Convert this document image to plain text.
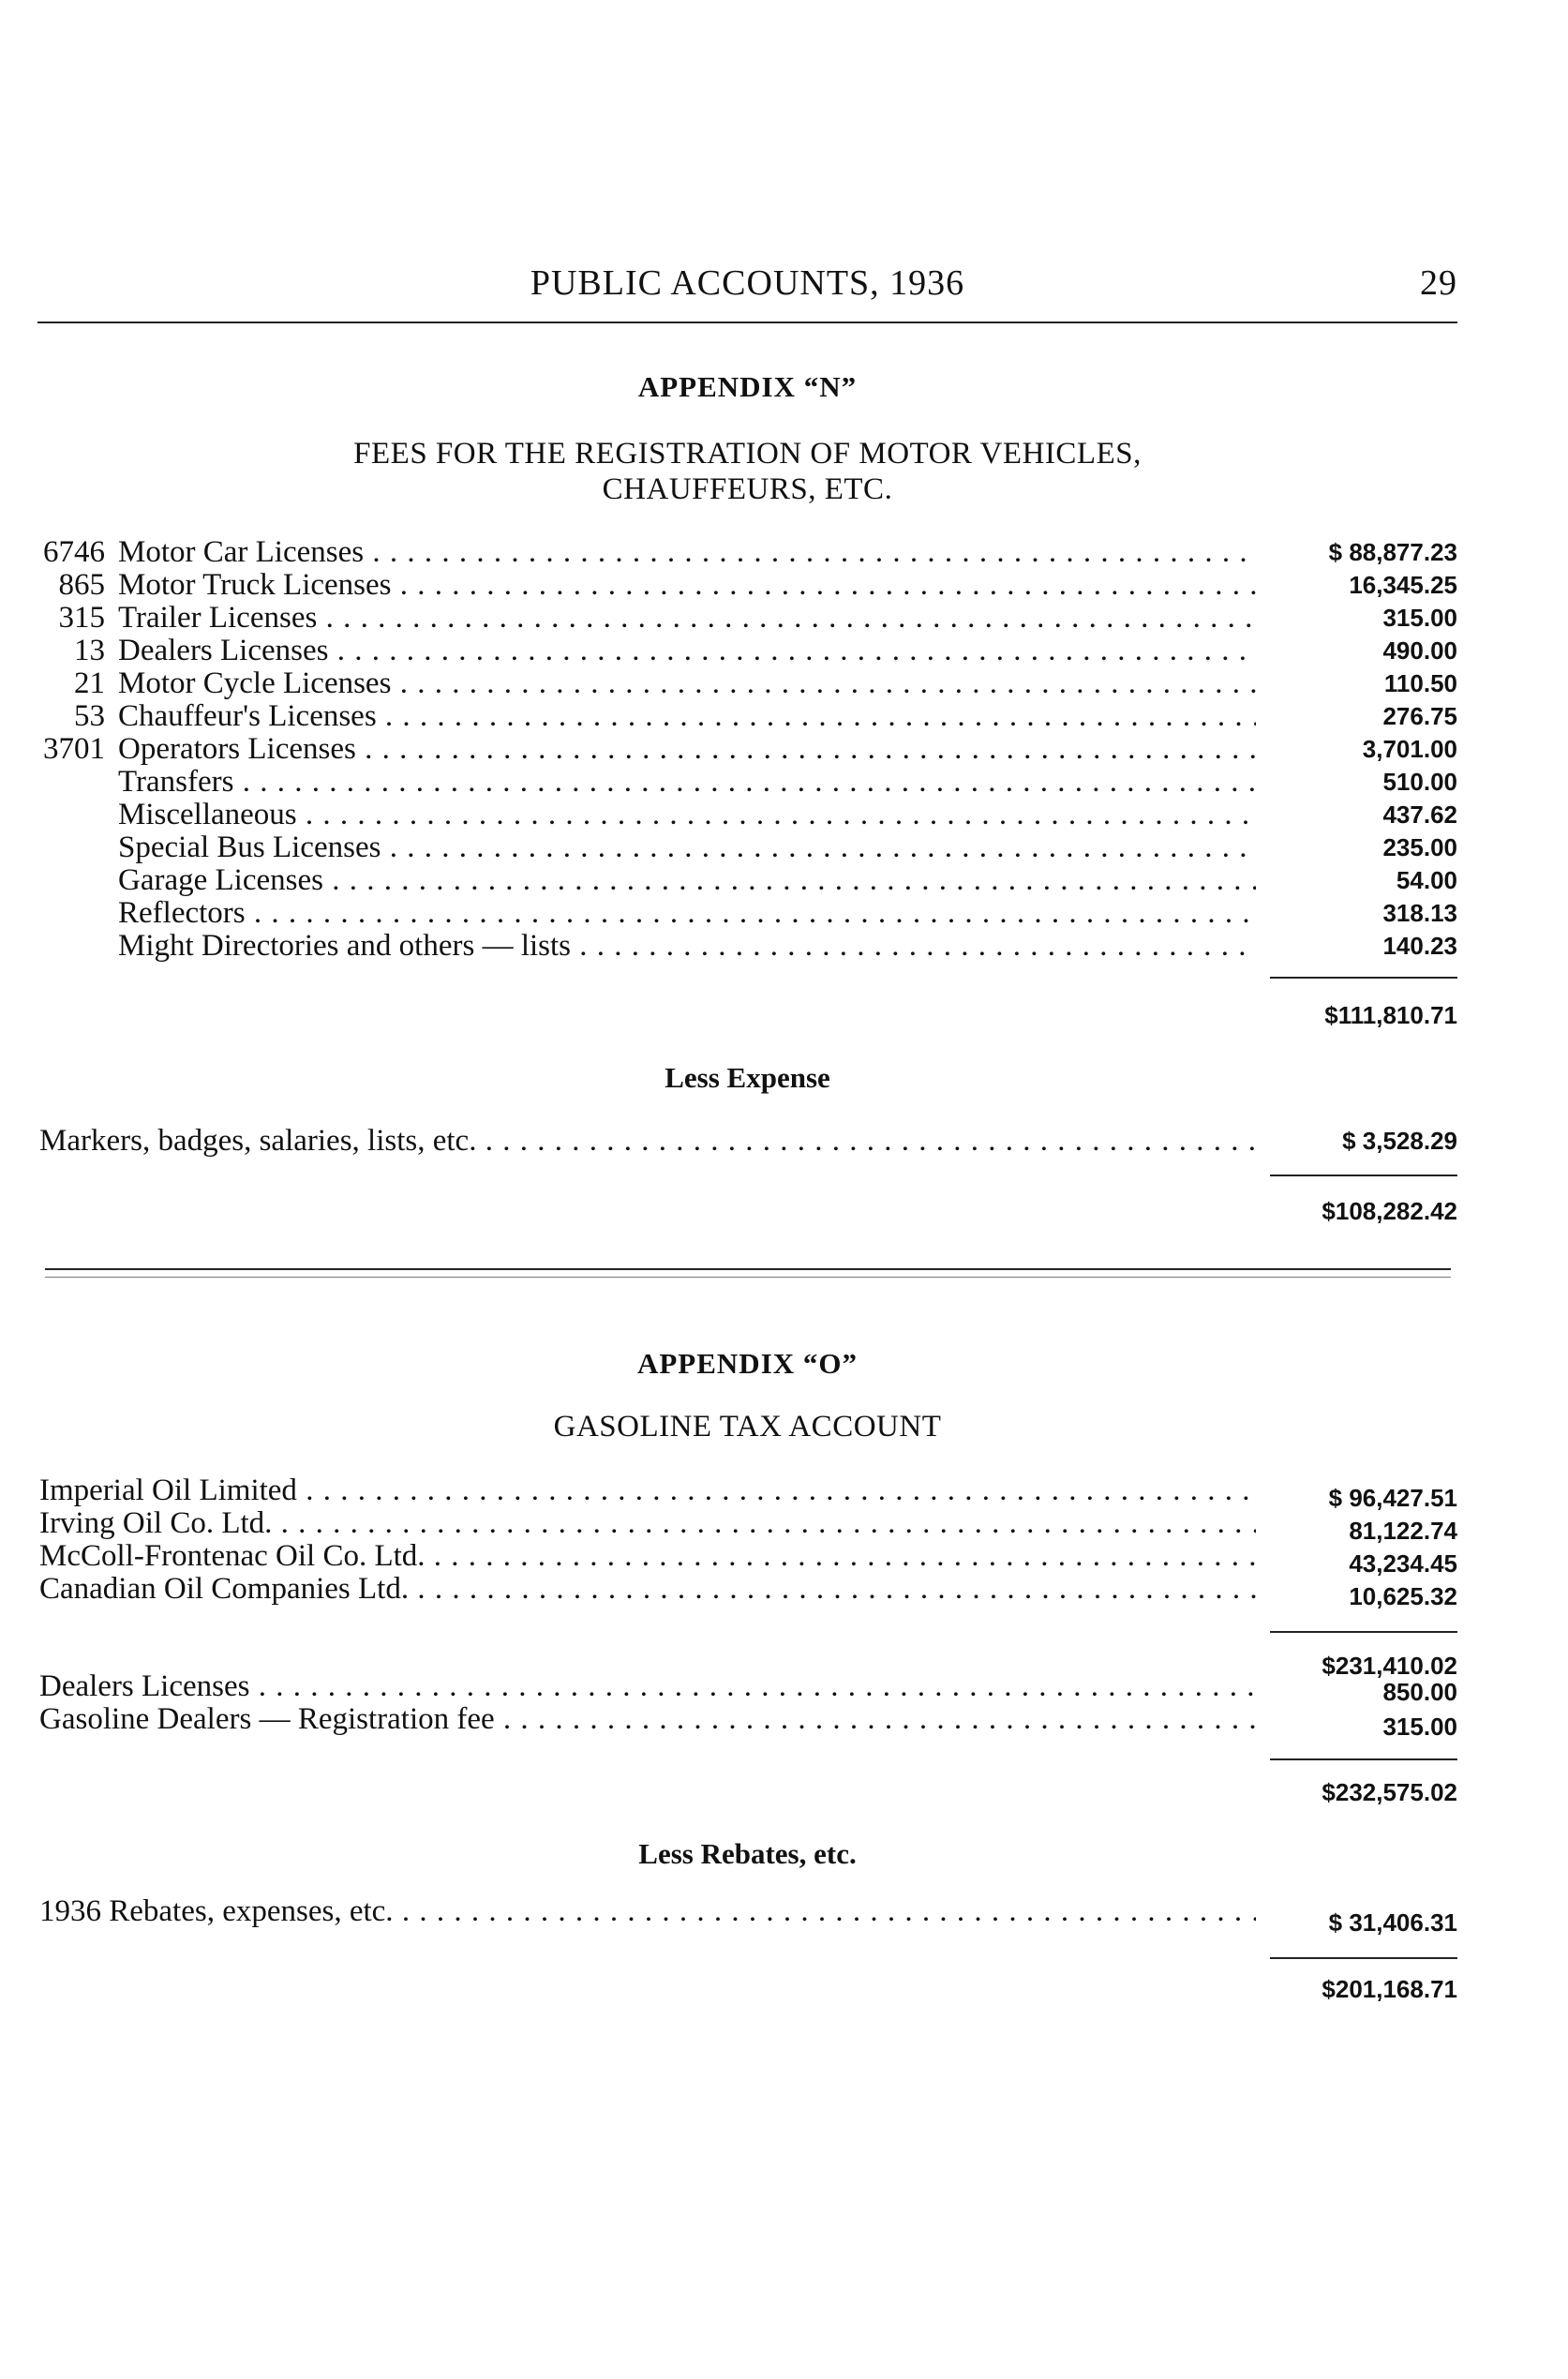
PUBLIC ACCOUNTS, 1936	29
APPENDIX “N”
FEES FOR THE REGISTRATION OF MOTOR VEHICLES,
CHAUFFEURS, ETC.
6746 Motor Car Licenses . . .	$ 88,877.23
865 Motor Truck Licenses . . .	16,345.25
315 Trailer Licenses . . .	315.00
13 Dealers Licenses . . .	490.00
21 Motor Cycle Licenses . . .	110.50
53 Chauffeur's Licenses . . .	276.75
3701 Operators Licenses . . .	3,701.00
Transfers . . .	510.00
Miscellaneous . . .	437.62
Special Bus Licenses . . .	235.00
Garage Licenses . . .	54.00
Reflectors . . .	318.13
Might Directories and others — lists . . .	140.23
$111,810.71
Less Expense
Markers, badges, salaries, lists, etc. . . .	$ 3,528.29
$108,282.42
APPENDIX “O”
GASOLINE TAX ACCOUNT
Imperial Oil Limited . . .	$ 96,427.51
Irving Oil Co. Ltd. . . .	81,122.74
McColl-Frontenac Oil Co. Ltd. . . .	43,234.45
Canadian Oil Companies Ltd. . . .	10,625.32
$231,410.02
Dealers Licenses . . .	850.00
Gasoline Dealers — Registration fee . . .	315.00
$232,575.02
Less Rebates, etc.
1936 Rebates, expenses, etc. . . .	$ 31,406.31
$201,168.71
